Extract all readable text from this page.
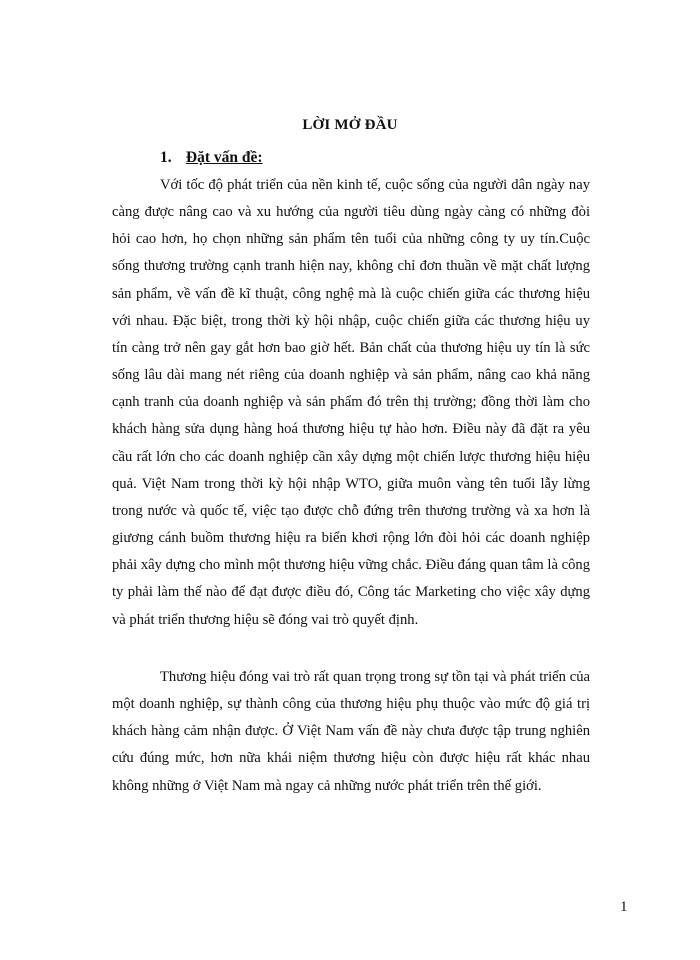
LỜI MỞ ĐẦU
1. Đặt vấn đề:

Với tốc độ phát triển của nền kinh tế, cuộc sống của người dân ngày nay càng được nâng cao và xu hướng của người tiêu dùng ngày càng có những đòi hỏi cao hơn, họ chọn những sản phẩm tên tuổi của những công ty uy tín.Cuộc sống thương trường cạnh tranh hiện nay, không chỉ đơn thuần về mặt chất lượng sản phẩm, về vấn đề kĩ thuật, công nghệ mà là cuộc chiến giữa các thương hiệu với nhau. Đặc biệt, trong thời kỳ hội nhập, cuộc chiến giữa các thương hiệu uy tín càng trở nên gay gắt hơn bao giờ hết. Bản chất của thương hiệu uy tín là sức sống lâu dài mang nét riêng của doanh nghiệp và sản phẩm, nâng cao khả năng cạnh tranh của doanh nghiệp và sản phẩm đó trên thị trường; đồng thời làm cho khách hàng sửa dụng hàng hoá thương hiệu tự hào hơn. Điều này đã đặt ra yêu cầu rất lớn cho các doanh nghiệp cần xây dựng một chiến lược thương hiệu hiệu quả. Việt Nam trong thời kỳ hội nhập WTO, giữa muôn vàng tên tuổi lẫy lừng trong nước và quốc tế, việc tạo được chỗ đứng trên thương trường và xa hơn là giương cánh buồm thương hiệu ra biển khơi rộng lớn đòi hỏi các doanh nghiệp phải xây dựng cho mình một thương hiệu vững chắc. Điều đáng quan tâm là công ty phải làm thế nào để đạt được điều đó, Công tác Marketing cho việc xây dựng và phát triển thương hiệu sẽ đóng vai trò quyết định.

Thương hiệu đóng vai trò rất quan trọng trong sự tồn tại và phát triển của một doanh nghiệp, sự thành công của thương hiệu phụ thuộc vào mức độ giá trị khách hàng cảm nhận được. Ở Việt Nam vấn đề này chưa được tập trung nghiên cứu đúng mức, hơn nữa khái niệm thương hiệu còn được hiệu rất khác nhau không những ở Việt Nam mà ngay cả những nước phát triển trên thế giới.

1
